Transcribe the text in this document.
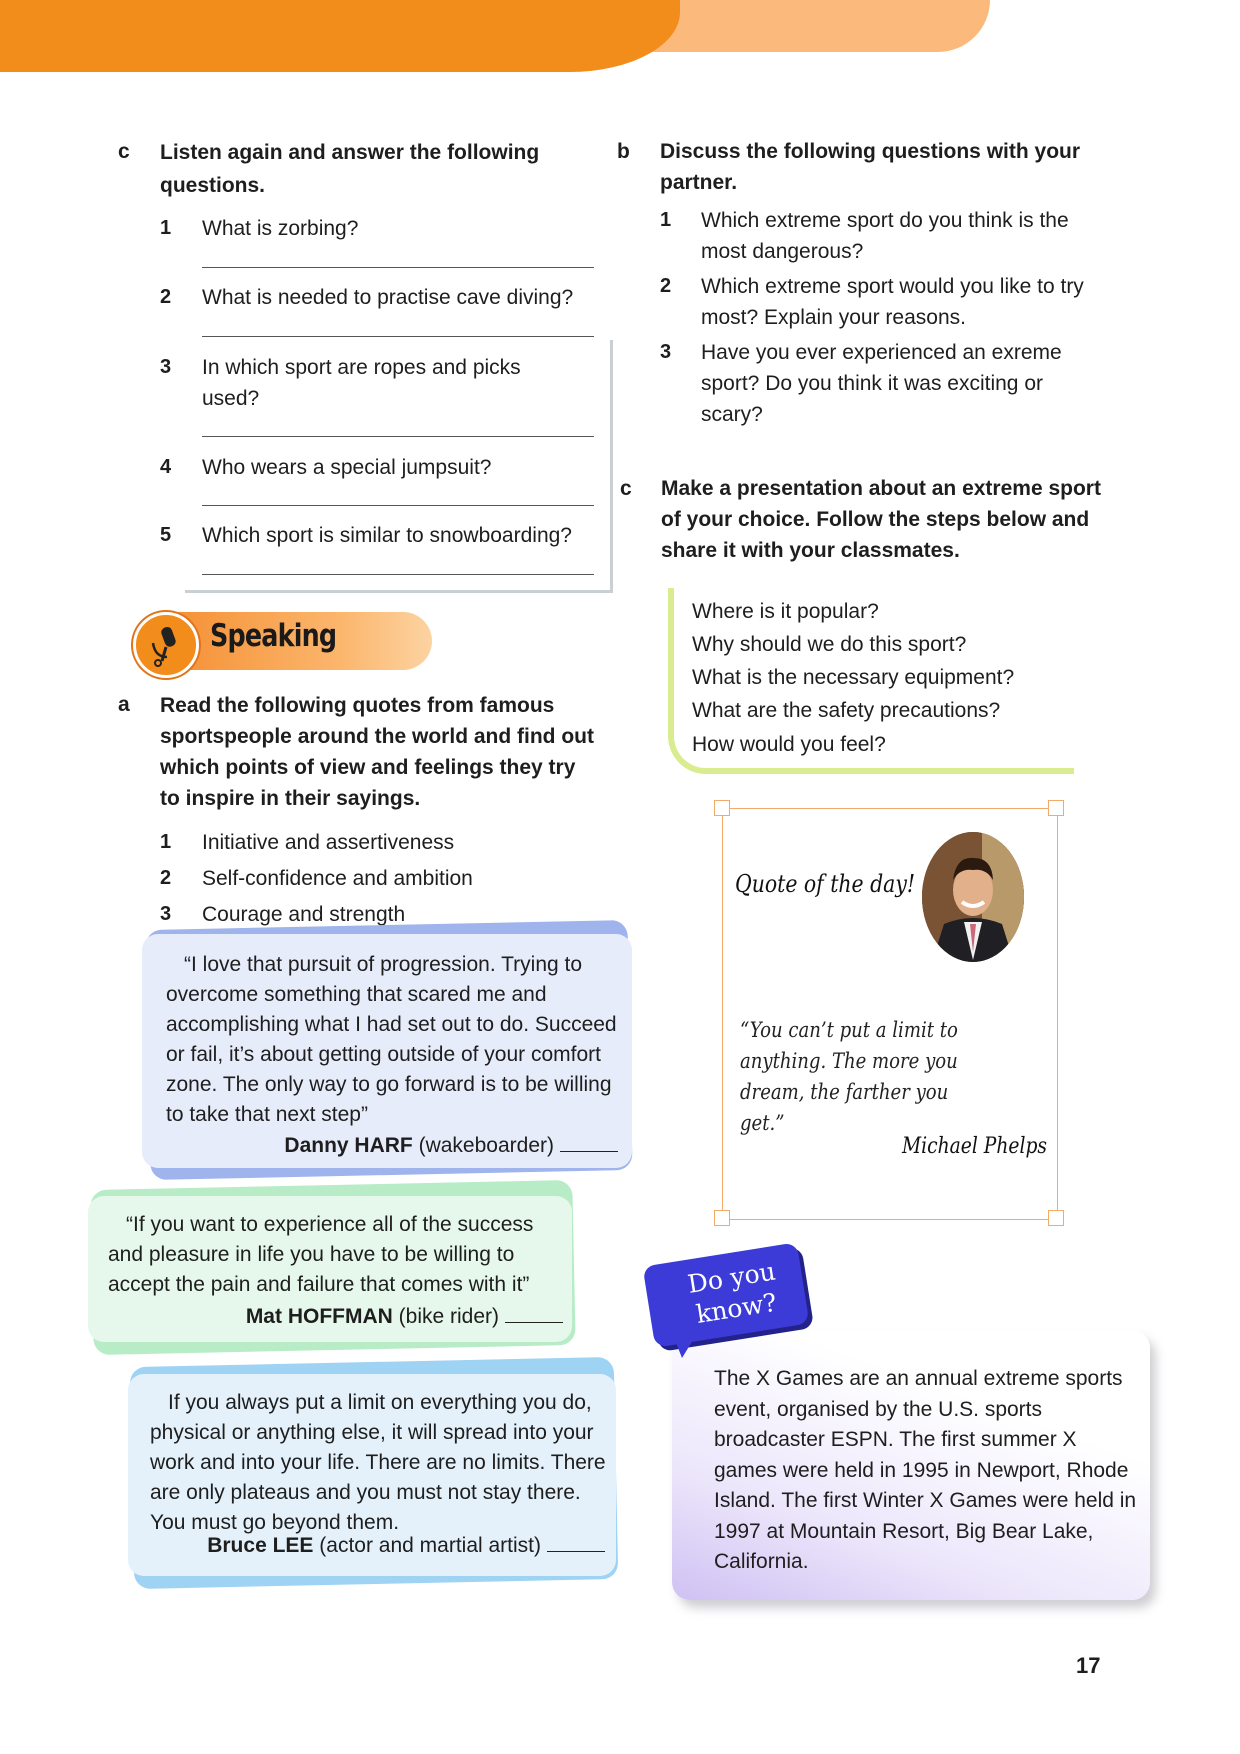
c Listen again and answer the following questions.
1 What is zorbing?
2 What is needed to practise cave diving?
3 In which sport are ropes and picks used?
4 Who wears a special jumpsuit?
5 Which sport is similar to snowboarding?
Speaking
a Read the following quotes from famous sportspeople around the world and find out which points of view and feelings they try to inspire in their sayings.
1 Initiative and assertiveness
2 Self-confidence and ambition
3 Courage and strength
“I love that pursuit of progression. Trying to overcome something that scared me and accomplishing what I had set out to do. Succeed or fail, it’s about getting outside of your comfort zone. The only way to go forward is to be willing to take that next step”
Danny HARF (wakeboarder)
“If you want to experience all of the success and pleasure in life you have to be willing to accept the pain and failure that comes with it”
Mat HOFFMAN (bike rider)
If you always put a limit on everything you do, physical or anything else, it will spread into your work and into your life. There are no limits. There are only plateaus and you must not stay there. You must go beyond them.
Bruce LEE (actor and martial artist)
b Discuss the following questions with your partner.
1 Which extreme sport do you think is the most dangerous?
2 Which extreme sport would you like to try most? Explain your reasons.
3 Have you ever experienced an exreme sport? Do you think it was exciting or scary?
c Make a presentation about an extreme sport of your choice. Follow the steps below and share it with your classmates.
Where is it popular?
Why should we do this sport?
What is the necessary equipment?
What are the safety precautions?
How would you feel?
Quote of the day!
“You can’t put a limit to anything. The more you dream, the farther you get.”
Michael Phelps
Do you know?
The X Games are an annual extreme sports event, organised by the U.S. sports broadcaster ESPN. The first summer X games were held in 1995 in Newport, Rhode Island. The first Winter X Games were held in 1997 at Mountain Resort, Big Bear Lake, California.
17
